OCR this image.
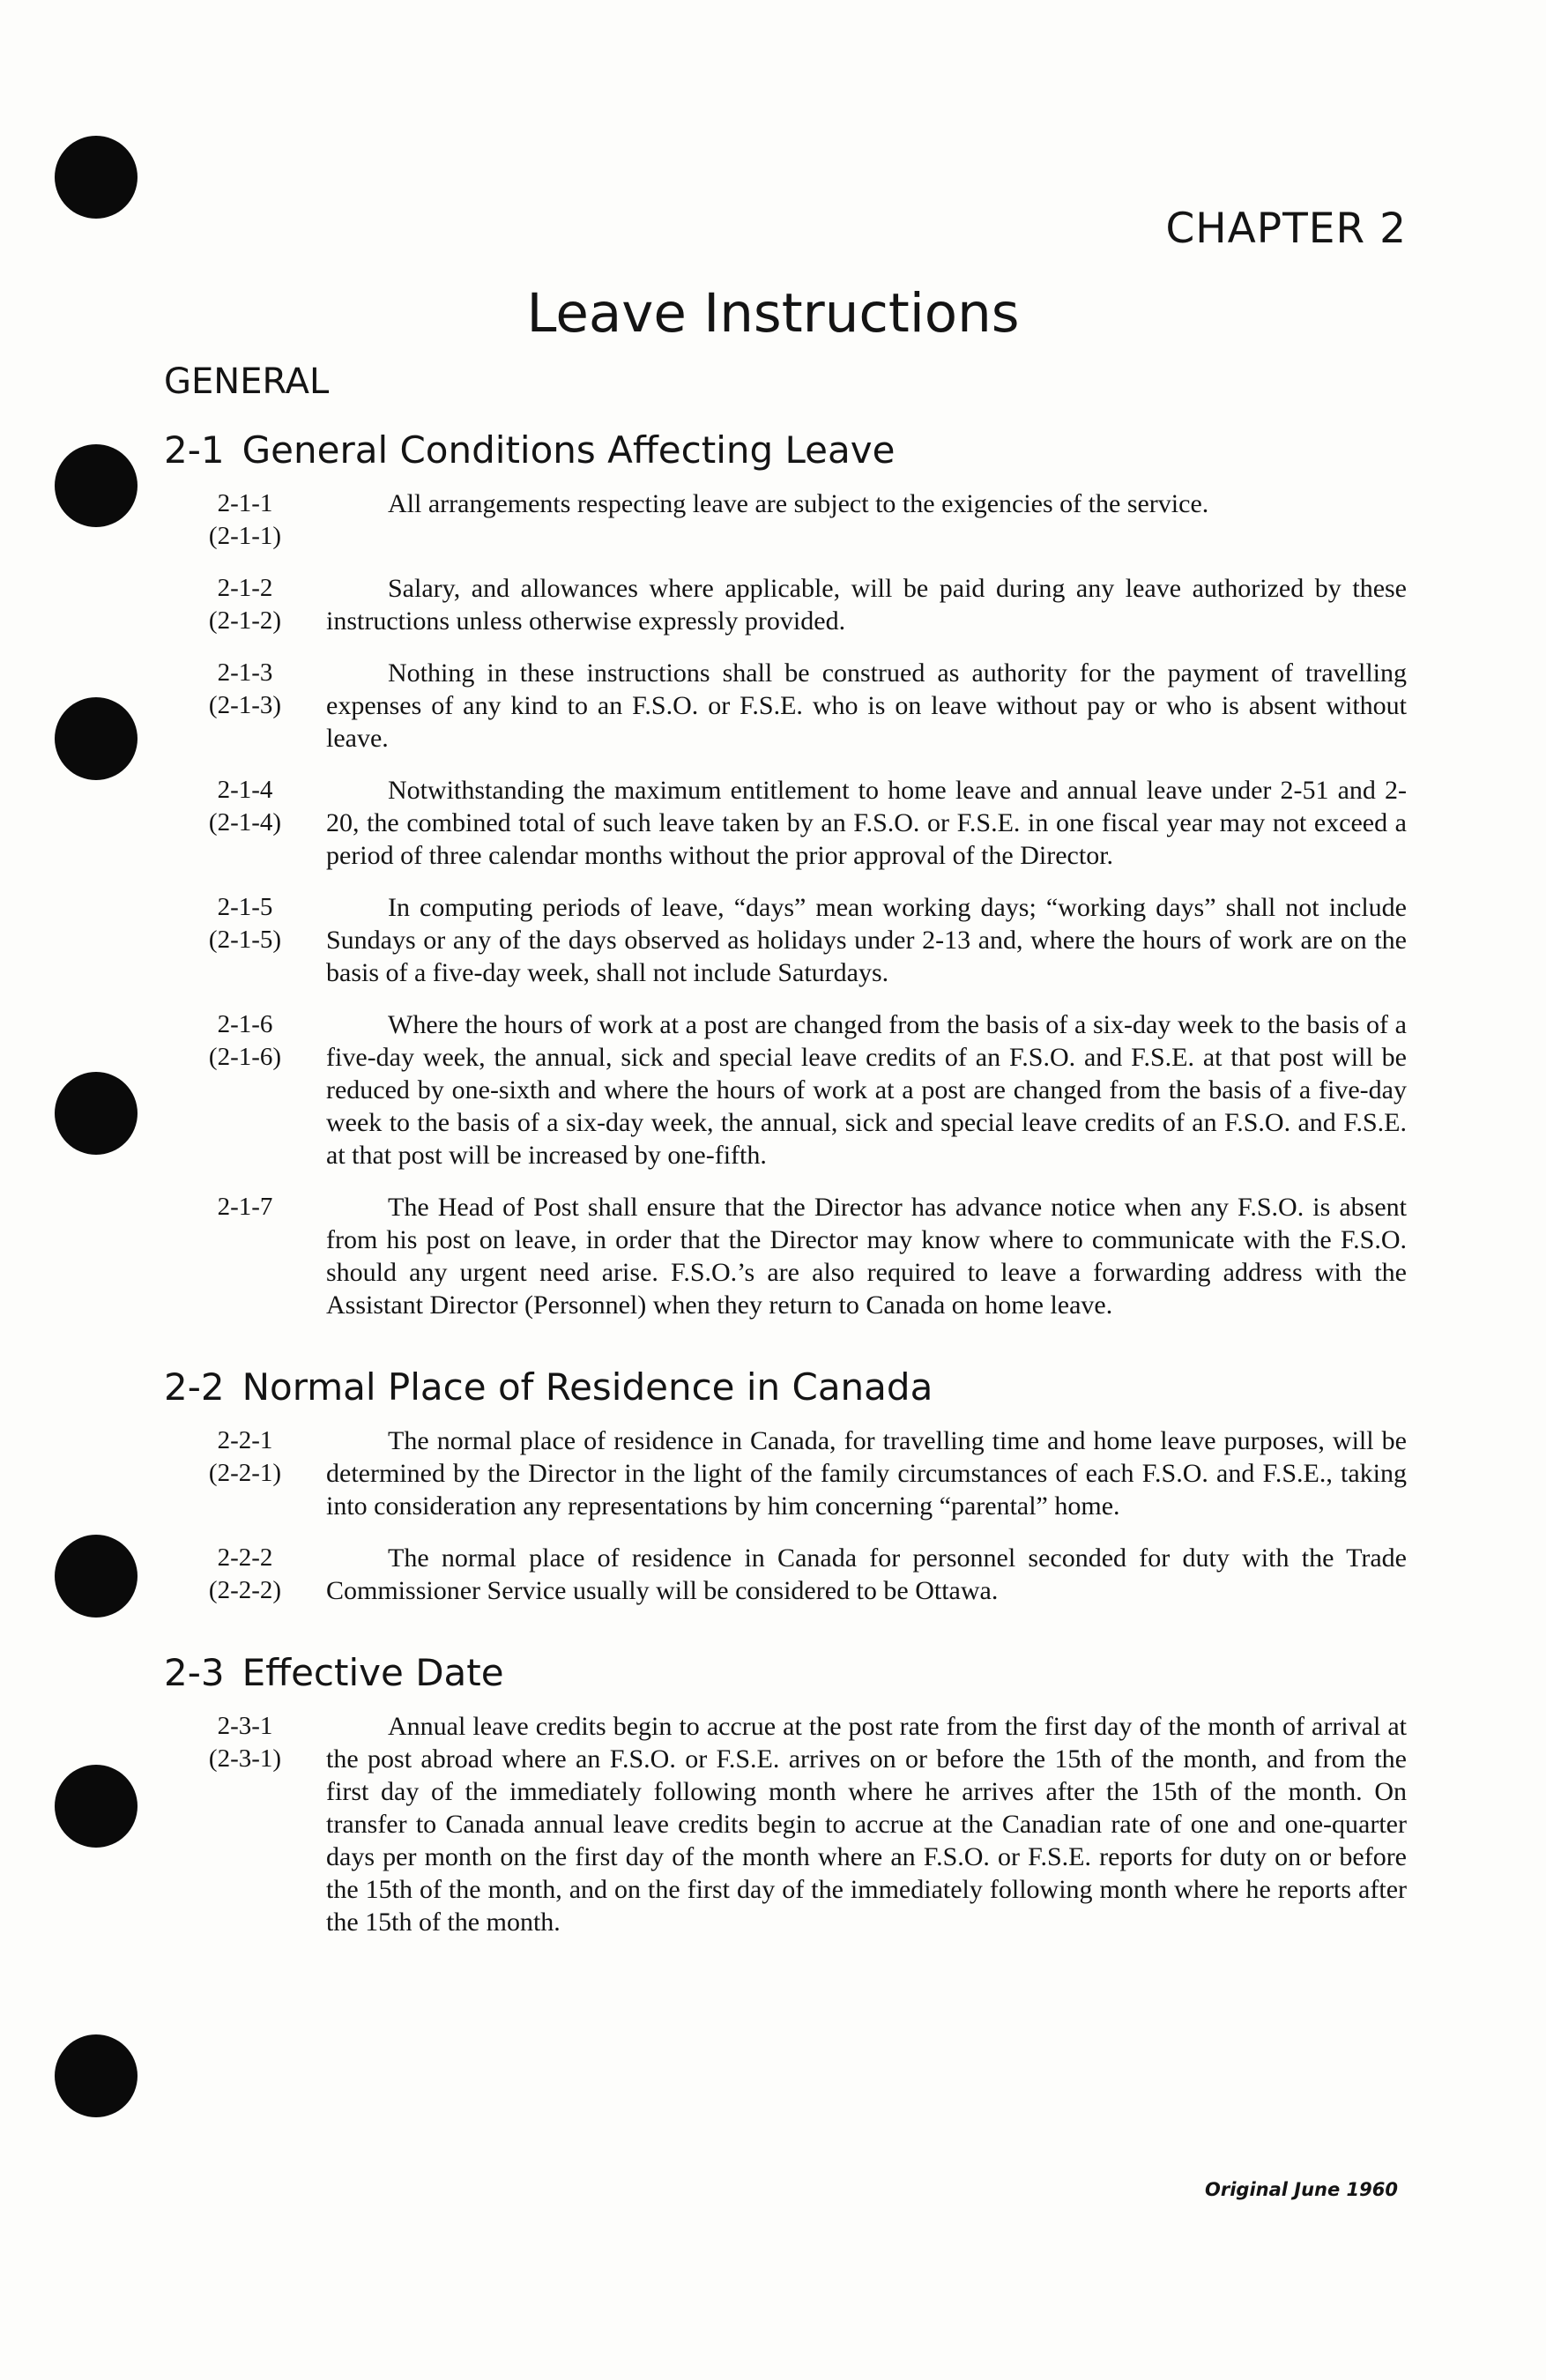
CHAPTER 2
Leave Instructions
GENERAL
2-1 General Conditions Affecting Leave
2-1-1
(2-1-1)
All arrangements respecting leave are subject to the exigencies of the service.
2-1-2
(2-1-2)
Salary, and allowances where applicable, will be paid during any leave authorized by these instructions unless otherwise expressly provided.
2-1-3
(2-1-3)
Nothing in these instructions shall be construed as authority for the payment of travelling expenses of any kind to an F.S.O. or F.S.E. who is on leave without pay or who is absent without leave.
2-1-4
(2-1-4)
Notwithstanding the maximum entitlement to home leave and annual leave under 2-51 and 2-20, the combined total of such leave taken by an F.S.O. or F.S.E. in one fiscal year may not exceed a period of three calendar months without the prior approval of the Director.
2-1-5
(2-1-5)
In computing periods of leave, “days” mean working days; “working days” shall not include Sundays or any of the days observed as holidays under 2-13 and, where the hours of work are on the basis of a five-day week, shall not include Saturdays.
2-1-6
(2-1-6)
Where the hours of work at a post are changed from the basis of a six-day week to the basis of a five-day week, the annual, sick and special leave credits of an F.S.O. and F.S.E. at that post will be reduced by one-sixth and where the hours of work at a post are changed from the basis of a five-day week to the basis of a six-day week, the annual, sick and special leave credits of an F.S.O. and F.S.E. at that post will be increased by one-fifth.
2-1-7	The Head of Post shall ensure that the Director has advance notice when any F.S.O. is absent from his post on leave, in order that the Director may know where to communicate with the F.S.O. should any urgent need arise. F.S.O.’s are also required to leave a forwarding address with the Assistant Director (Personnel) when they return to Canada on home leave.
2-2 Normal Place of Residence in Canada
2-2-1
(2-2-1)
The normal place of residence in Canada, for travelling time and home leave purposes, will be determined by the Director in the light of the family circumstances of each F.S.O. and F.S.E., taking into consideration any representations by him concerning “parental” home.
2-2-2
(2-2-2)
The normal place of residence in Canada for personnel seconded for duty with the Trade Commissioner Service usually will be considered to be Ottawa.
2-3 Effective Date
2-3-1
(2-3-1)
Annual leave credits begin to accrue at the post rate from the first day of the month of arrival at the post abroad where an F.S.O. or F.S.E. arrives on or before the 15th of the month, and from the first day of the immediately following month where he arrives after the 15th of the month. On transfer to Canada annual leave credits begin to accrue at the Canadian rate of one and one-quarter days per month on the first day of the month where an F.S.O. or F.S.E. reports for duty on or before the 15th of the month, and on the first day of the immediately following month where he reports after the 15th of the month.
Original June 1960
